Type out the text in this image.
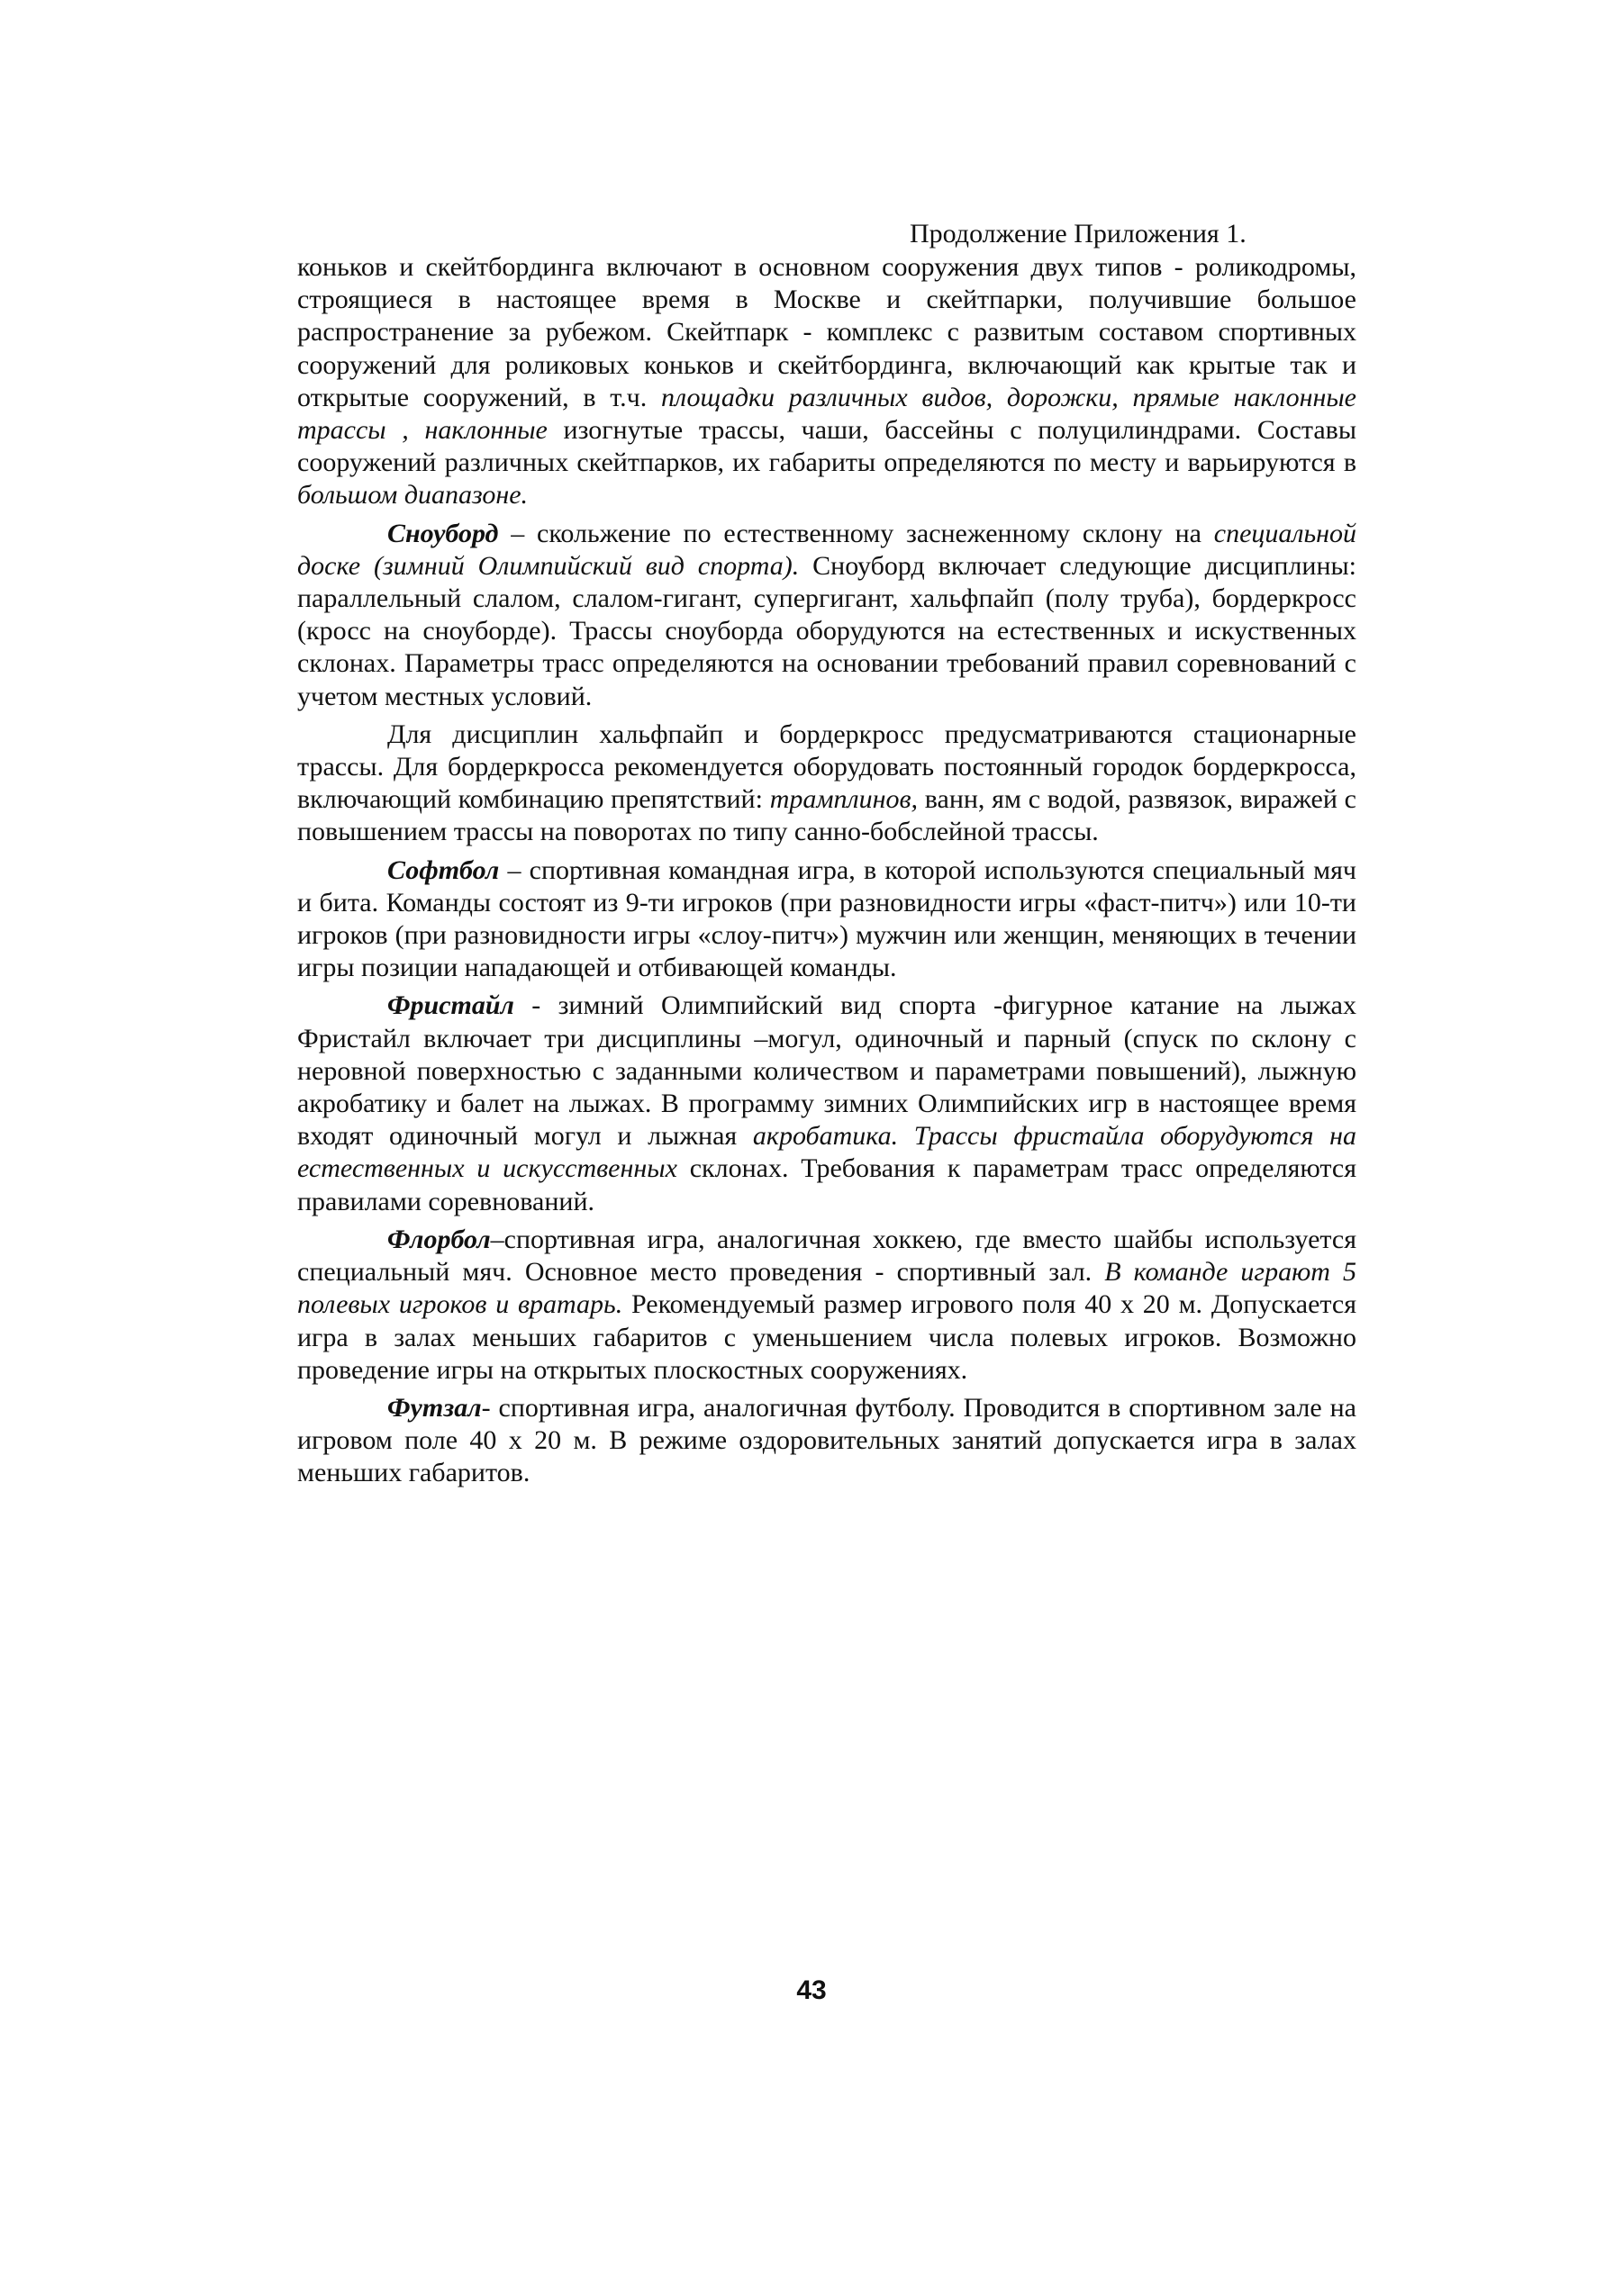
Продолжение Приложения 1.

коньков и скейтбординга включают в основном сооружения двух типов - роликодромы, строящиеся в настоящее время в Москве и скейтпарки, получившие большое распространение за рубежом. Скейтпарк - комплекс с развитым составом спортивных сооружений для роликовых коньков и скейтбординга, включающий как крытые так и открытые сооружений, в т.ч. площадки различных видов, дорожки, прямые наклонные трассы , наклонные изогнутые трассы, чаши, бассейны с полуцилиндрами. Составы сооружений различных скейтпарков, их габариты определяются по месту и варьируются в большом диапазоне.

Сноуборд – скольжение по естественному заснеженному склону на специальной доске (зимний Олимпийский вид спорта). Сноуборд включает следующие дисциплины: параллельный слалом, слалом-гигант, супергигант, хальфпайп (полу труба), бордеркросс (кросс на сноуборде). Трассы сноуборда оборудуются на естественных и искуственных склонах. Параметры трасс определяются на основании требований правил соревнований с учетом местных условий.

Для дисциплин хальфпайп и бордеркросс предусматриваются стационарные трассы. Для бордеркросса рекомендуется оборудовать постоянный городок бордеркросса, включающий комбинацию препятствий: трамплинов, ванн, ям с водой, развязок, виражей с повышением трассы на поворотах по типу санно-бобслейной трассы.

Софтбол – спортивная командная игра, в которой используются специальный мяч и бита. Команды состоят из 9-ти игроков (при разновидности игры «фаст-питч») или 10-ти игроков (при разновидности игры «слоу-питч») мужчин или женщин, меняющих в течении игры позиции нападающей и отбивающей команды.

Фристайл - зимний Олимпийский вид спорта -фигурное катание на лыжах Фристайл включает три дисциплины –могул, одиночный и парный (спуск по склону с неровной поверхностью с заданными количеством и параметрами повышений), лыжную акробатику и балет на лыжах. В программу зимних Олимпийских игр в настоящее время входят одиночный могул и лыжная акробатика. Трассы фристайла оборудуются на естественных и искусственных склонах. Требования к параметрам трасс определяются правилами соревнований.

Флорбол–спортивная игра, аналогичная хоккею, где вместо шайбы используется специальный мяч. Основное место проведения - спортивный зал. В команде играют 5 полевых игроков и вратарь. Рекомендуемый размер игрового поля 40 х 20 м. Допускается игра в залах меньших габаритов с уменьшением числа полевых игроков. Возможно проведение игры на открытых плоскостных сооружениях.

Футзал- спортивная игра, аналогичная футболу. Проводится в спортивном зале на игровом поле 40 х 20 м. В режиме оздоровительных занятий допускается игра в залах меньших габаритов.

43
